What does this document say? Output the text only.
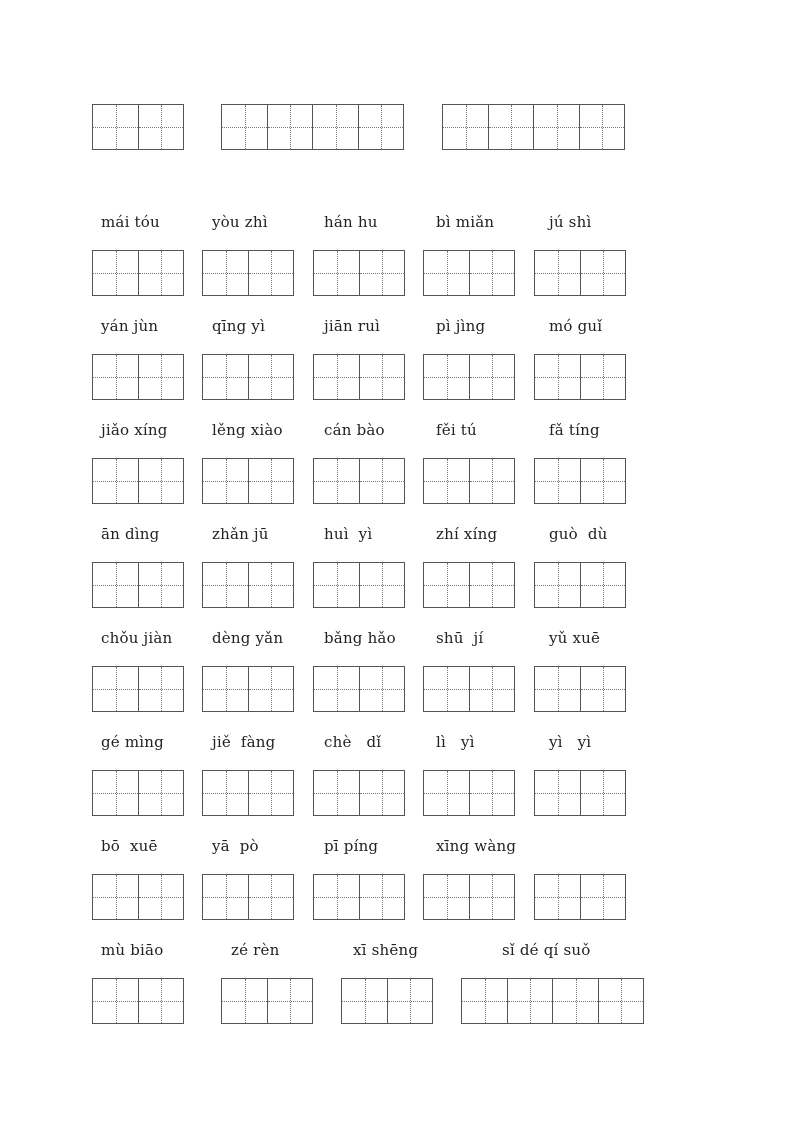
mái tóu	yòu zhì	hán hu	bì miǎn	jú shì
yán jùn	qīng yì	jiān ruì	pì jìng	mó guǐ
jiǎo xíng	lěng xiào	cán bào	fěi tú	fǎ tíng
ān dìng	zhǎn jū	huì  yì	zhí xíng	guò  dù
chǒu jiàn	dèng yǎn	bǎng hǎo	shū  jí	yǔ xuē
gé mìng	jiě  fàng	chè   dǐ	lì   yì	yì   yì
bō  xuē	yā  pò	pī píng	xīng wàng
mù biāo	zé rèn	xī shēng	sǐ dé qí suǒ
